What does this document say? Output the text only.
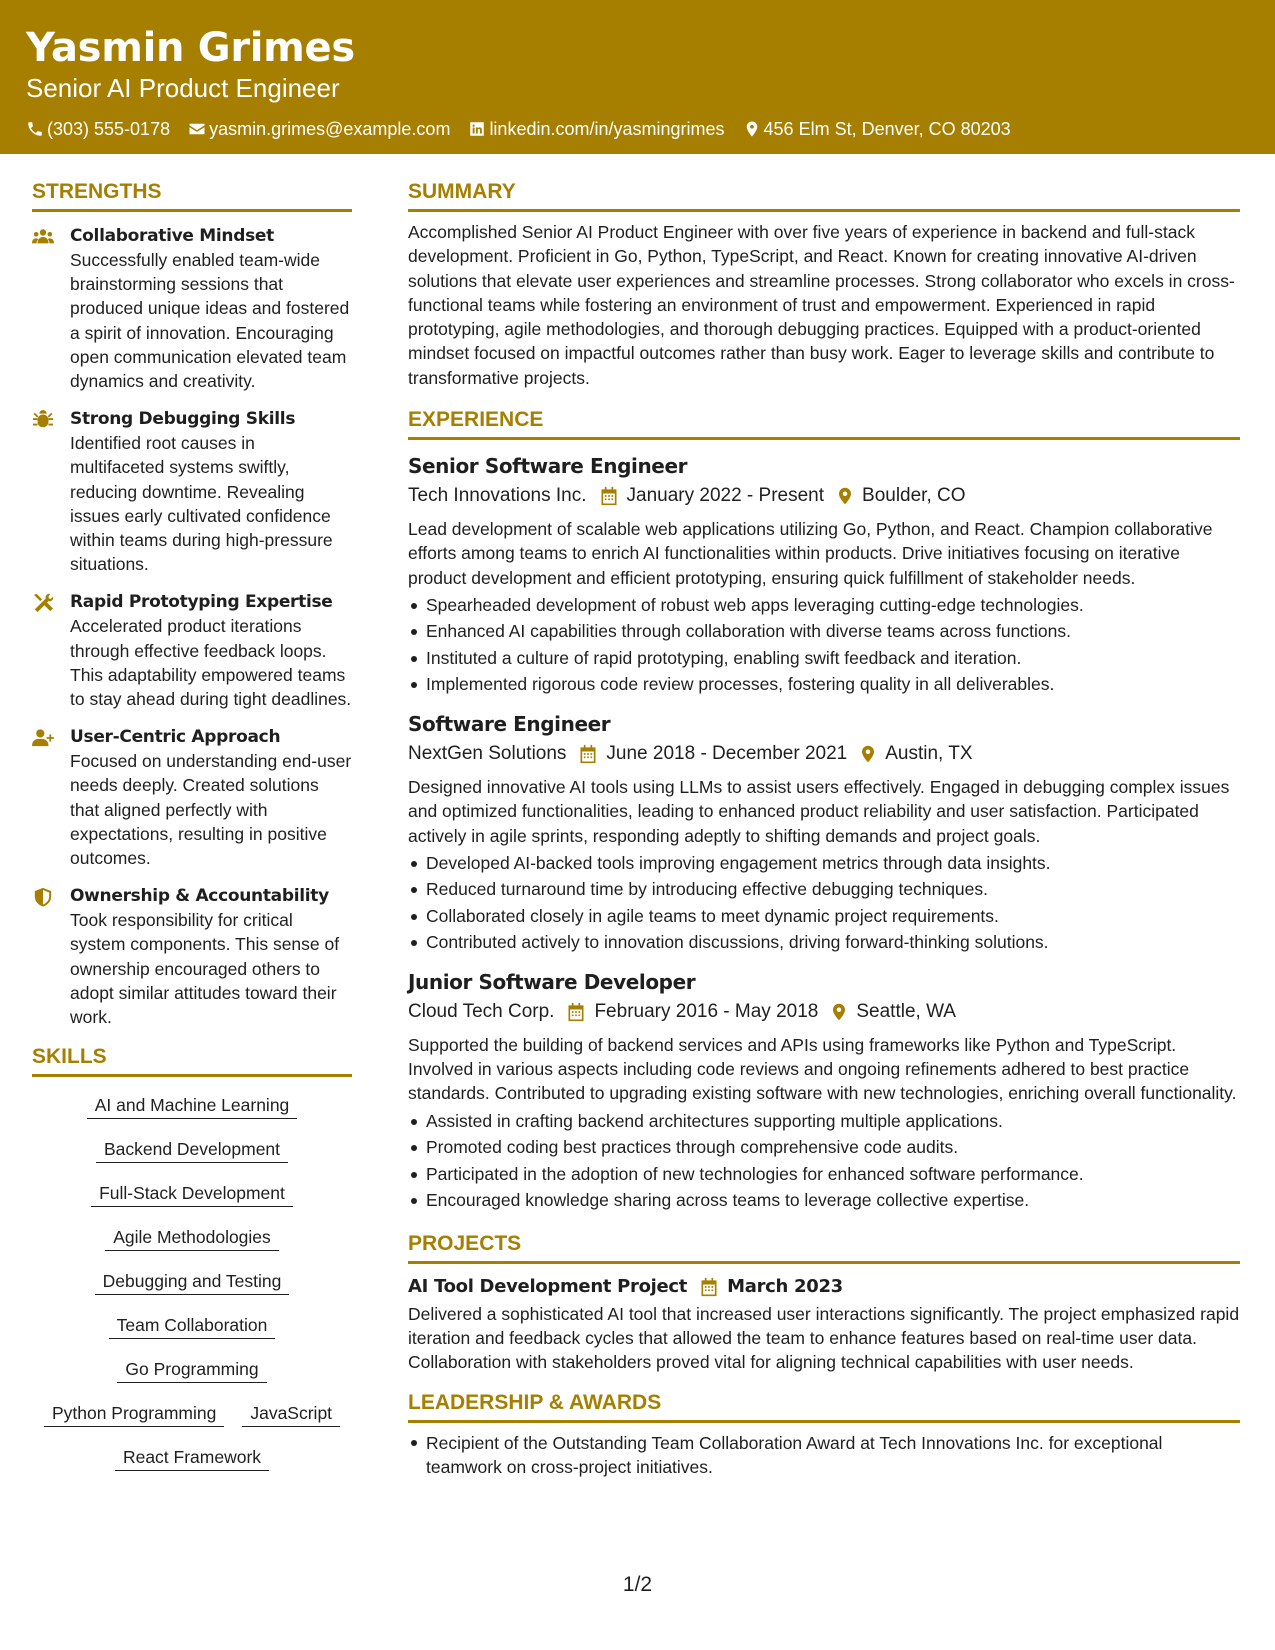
Yasmin Grimes
Senior AI Product Engineer
(303) 555-0178 yasmin.grimes@example.com linkedin.com/in/yasmingrimes 456 Elm St, Denver, CO 80203
STRENGTHS
Collaborative Mindset
Successfully enabled team-wide brainstorming sessions that produced unique ideas and fostered a spirit of innovation. Encouraging open communication elevated team dynamics and creativity.
Strong Debugging Skills
Identified root causes in multifaceted systems swiftly, reducing downtime. Revealing issues early cultivated confidence within teams during high-pressure situations.
Rapid Prototyping Expertise
Accelerated product iterations through effective feedback loops. This adaptability empowered teams to stay ahead during tight deadlines.
User-Centric Approach
Focused on understanding end-user needs deeply. Created solutions that aligned perfectly with expectations, resulting in positive outcomes.
Ownership & Accountability
Took responsibility for critical system components. This sense of ownership encouraged others to adopt similar attitudes toward their work.
SKILLS
AI and Machine Learning
Backend Development
Full-Stack Development
Agile Methodologies
Debugging and Testing
Team Collaboration
Go Programming
Python Programming	JavaScript
React Framework
SUMMARY
Accomplished Senior AI Product Engineer with over five years of experience in backend and full-stack development. Proficient in Go, Python, TypeScript, and React. Known for creating innovative AI-driven solutions that elevate user experiences and streamline processes. Strong collaborator who excels in cross-functional teams while fostering an environment of trust and empowerment. Experienced in rapid prototyping, agile methodologies, and thorough debugging practices. Equipped with a product-oriented mindset focused on impactful outcomes rather than busy work. Eager to leverage skills and contribute to transformative projects.
EXPERIENCE
Senior Software Engineer
Tech Innovations Inc. January 2022 - Present Boulder, CO
Lead development of scalable web applications utilizing Go, Python, and React. Champion collaborative efforts among teams to enrich AI functionalities within products. Drive initiatives focusing on iterative product development and efficient prototyping, ensuring quick fulfillment of stakeholder needs.
Spearheaded development of robust web apps leveraging cutting-edge technologies.
Enhanced AI capabilities through collaboration with diverse teams across functions.
Instituted a culture of rapid prototyping, enabling swift feedback and iteration.
Implemented rigorous code review processes, fostering quality in all deliverables.
Software Engineer
NextGen Solutions June 2018 - December 2021 Austin, TX
Designed innovative AI tools using LLMs to assist users effectively. Engaged in debugging complex issues and optimized functionalities, leading to enhanced product reliability and user satisfaction. Participated actively in agile sprints, responding adeptly to shifting demands and project goals.
Developed AI-backed tools improving engagement metrics through data insights.
Reduced turnaround time by introducing effective debugging techniques.
Collaborated closely in agile teams to meet dynamic project requirements.
Contributed actively to innovation discussions, driving forward-thinking solutions.
Junior Software Developer
Cloud Tech Corp. February 2016 - May 2018 Seattle, WA
Supported the building of backend services and APIs using frameworks like Python and TypeScript. Involved in various aspects including code reviews and ongoing refinements adhered to best practice standards. Contributed to upgrading existing software with new technologies, enriching overall functionality.
Assisted in crafting backend architectures supporting multiple applications.
Promoted coding best practices through comprehensive code audits.
Participated in the adoption of new technologies for enhanced software performance.
Encouraged knowledge sharing across teams to leverage collective expertise.
PROJECTS
AI Tool Development Project March 2023
Delivered a sophisticated AI tool that increased user interactions significantly. The project emphasized rapid iteration and feedback cycles that allowed the team to enhance features based on real-time user data. Collaboration with stakeholders proved vital for aligning technical capabilities with user needs.
LEADERSHIP & AWARDS
Recipient of the Outstanding Team Collaboration Award at Tech Innovations Inc. for exceptional teamwork on cross-project initiatives.
1/2
